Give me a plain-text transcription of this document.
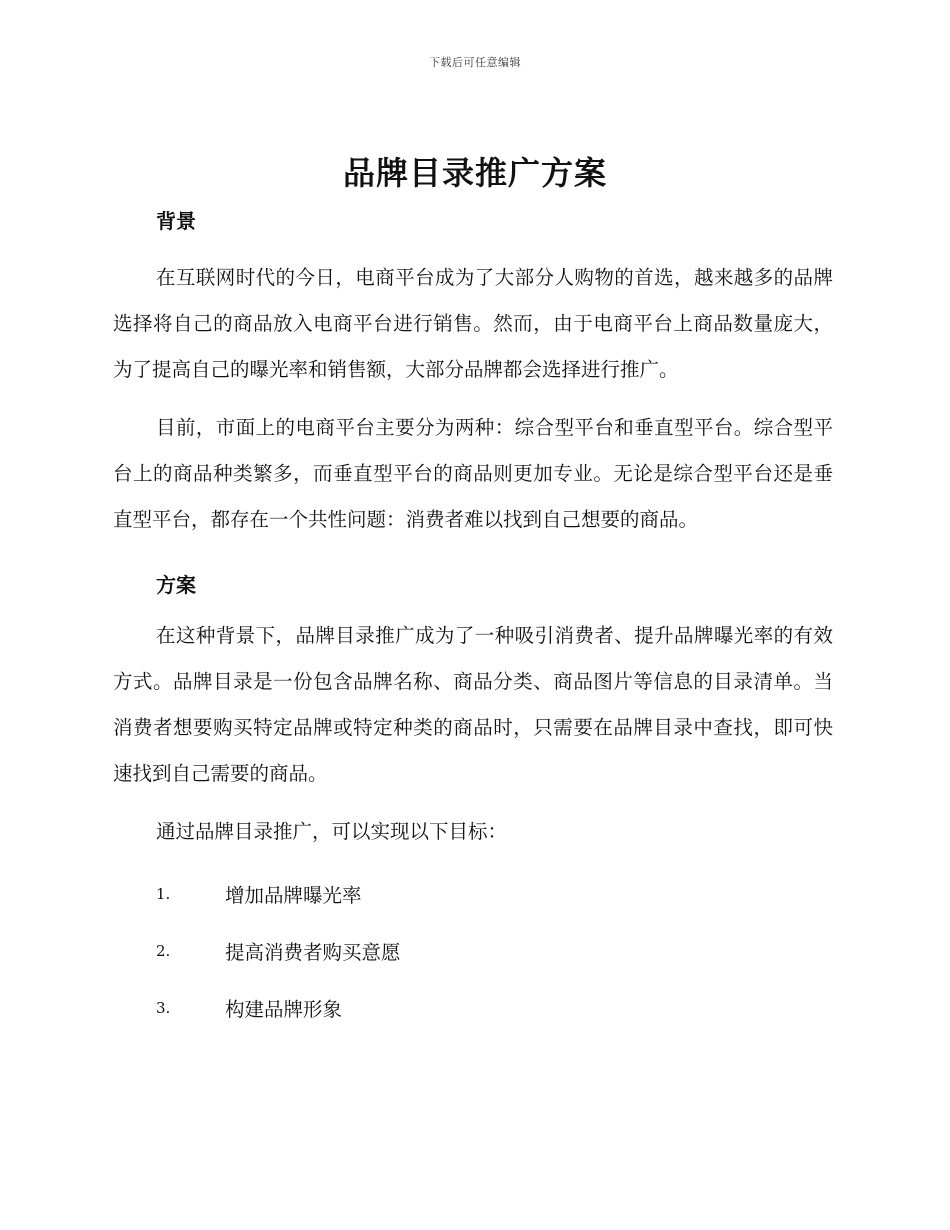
下载后可任意编辑
品牌目录推广方案
背景

在互联网时代的今日，电商平台成为了大部分人购物的首选，越来越多的品牌选择将自己的商品放入电商平台进行销售。然而，由于电商平台上商品数量庞大，为了提高自己的曝光率和销售额，大部分品牌都会选择进行推广。

目前，市面上的电商平台主要分为两种：综合型平台和垂直型平台。综合型平台上的商品种类繁多，而垂直型平台的商品则更加专业。无论是综合型平台还是垂直型平台，都存在一个共性问题：消费者难以找到自己想要的商品。

方案

在这种背景下，品牌目录推广成为了一种吸引消费者、提升品牌曝光率的有效方式。品牌目录是一份包含品牌名称、商品分类、商品图片等信息的目录清单。当消费者想要购买特定品牌或特定种类的商品时，只需要在品牌目录中查找，即可快速找到自己需要的商品。

通过品牌目录推广，可以实现以下目标：

1.	增加品牌曝光率
2.	提高消费者购买意愿
3.	构建品牌形象
